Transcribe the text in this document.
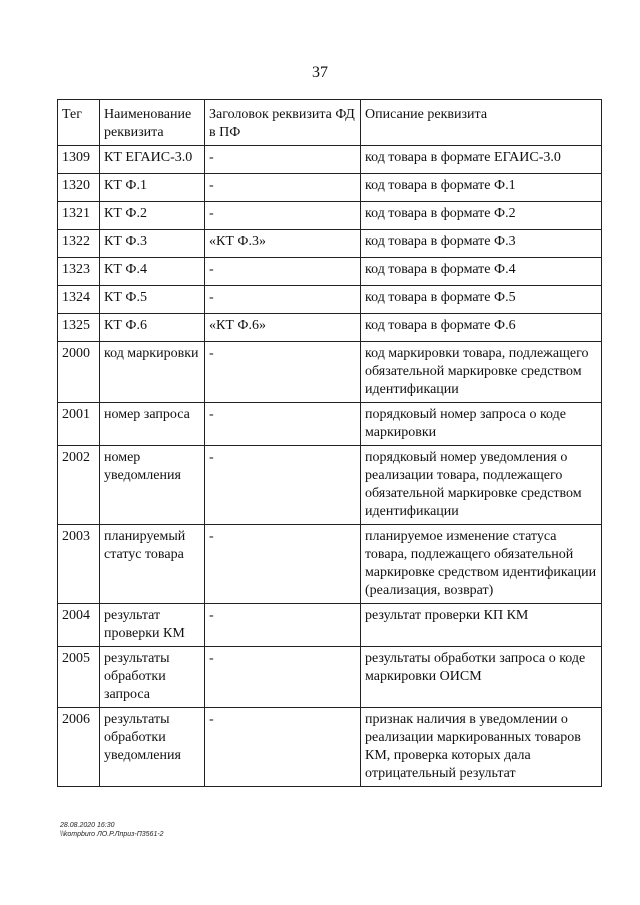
37
Тег	Наименование реквизита	Заголовок реквизита ФД в ПФ	Описание реквизита
1309	КТ ЕГАИС-3.0	-	код товара в формате ЕГАИС-3.0
1320	КТ Ф.1	-	код товара в формате Ф.1
1321	КТ Ф.2	-	код товара в формате Ф.2
1322	КТ Ф.3	«КТ Ф.3»	код товара в формате Ф.3
1323	КТ Ф.4	-	код товара в формате Ф.4
1324	КТ Ф.5	-	код товара в формате Ф.5
1325	КТ Ф.6	«КТ Ф.6»	код товара в формате Ф.6
2000	код маркировки	-	код маркировки товара, подлежащего обязательной маркировке средством идентификации
2001	номер запроса	-	порядковый номер запроса о коде маркировки
2002	номер уведомления	-	порядковый номер уведомления о реализации товара, подлежащего обязательной маркировке средством идентификации
2003	планируемый статус товара	-	планируемое изменение статуса товара, подлежащего обязательной маркировке средством идентификации (реализация, возврат)
2004	результат проверки КМ	-	результат проверки КП КМ
2005	результаты обработки запроса	-	результаты обработки запроса о коде маркировки ОИСМ
2006	результаты обработки уведомления	-	признак наличия в уведомлении о реализации маркированных товаров КМ, проверка которых дала отрицательный результат
28.08.2020 16:30
\\kompburo ЛО.Р.Лприз-П3561-2
